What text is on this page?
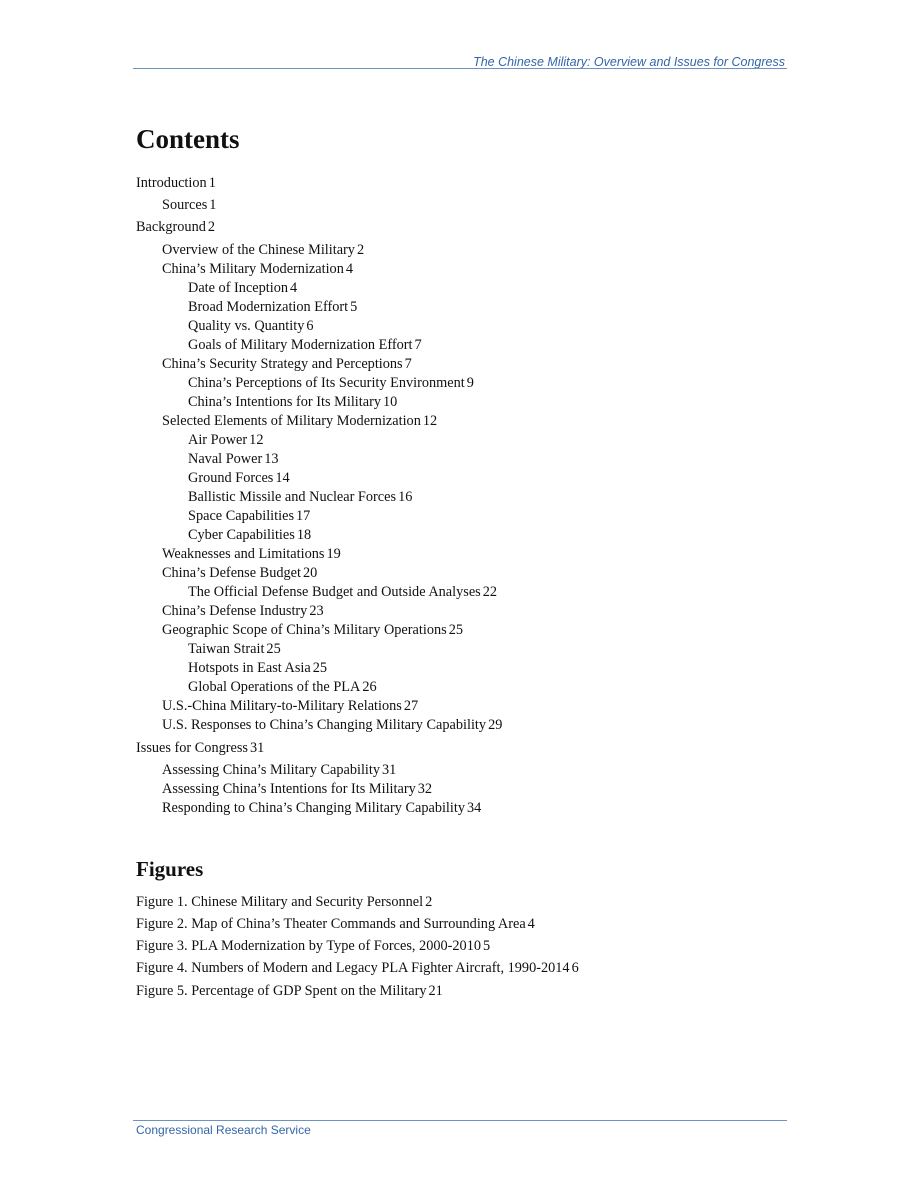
The Chinese Military: Overview and Issues for Congress
Contents
Introduction 1
Sources 1
Background 2
Overview of the Chinese Military 2
China’s Military Modernization 4
Date of Inception 4
Broad Modernization Effort 5
Quality vs. Quantity 6
Goals of Military Modernization Effort 7
China’s Security Strategy and Perceptions 7
China’s Perceptions of Its Security Environment 9
China’s Intentions for Its Military 10
Selected Elements of Military Modernization 12
Air Power 12
Naval Power 13
Ground Forces 14
Ballistic Missile and Nuclear Forces 16
Space Capabilities 17
Cyber Capabilities 18
Weaknesses and Limitations 19
China’s Defense Budget 20
The Official Defense Budget and Outside Analyses 22
China’s Defense Industry 23
Geographic Scope of China’s Military Operations 25
Taiwan Strait 25
Hotspots in East Asia 25
Global Operations of the PLA 26
U.S.-China Military-to-Military Relations 27
U.S. Responses to China’s Changing Military Capability 29
Issues for Congress 31
Assessing China’s Military Capability 31
Assessing China’s Intentions for Its Military 32
Responding to China’s Changing Military Capability 34
Figures
Figure 1. Chinese Military and Security Personnel 2
Figure 2. Map of China’s Theater Commands and Surrounding Area 4
Figure 3. PLA Modernization by Type of Forces, 2000-2010 5
Figure 4. Numbers of Modern and Legacy PLA Fighter Aircraft, 1990-2014 6
Figure 5. Percentage of GDP Spent on the Military 21
Congressional Research Service
